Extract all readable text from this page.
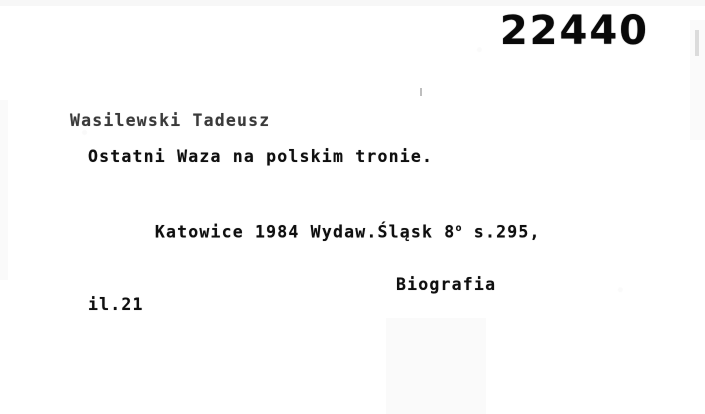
22440
Wasilewski Tadeusz
Ostatni Waza na polskim tronie.

Katowice 1984 Wydaw.Śląsk 8$^o$ s.295,

il.21
Biografia
